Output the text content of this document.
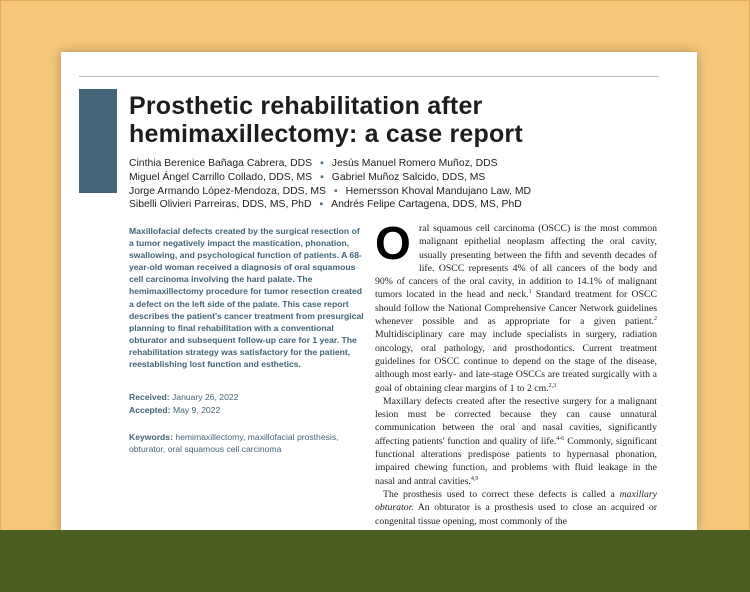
Prosthetic rehabilitation after
hemimaxillectomy: a case report
Cinthia Berenice Bañaga Cabrera, DDS ▪ Jesús Manuel Romero Muñoz, DDS
Miguel Ángel Carrillo Collado, DDS, MS ▪ Gabriel Muñoz Salcido, DDS, MS
Jorge Armando López-Mendoza, DDS, MS ▪ Hemersson Khoval Mandujano Law, MD
Sibelli Olivieri Parreiras, DDS, MS, PhD ▪ Andrés Felipe Cartagena, DDS, MS, PhD
Maxillofacial defects created by the surgical resection of a tumor negatively impact the mastication, phonation, swallowing, and psychological function of patients. A 68-year-old woman received a diagnosis of oral squamous cell carcinoma involving the hard palate. The hemimaxillectomy procedure for tumor resection created a defect on the left side of the palate. This case report describes the patient's cancer treatment from presurgical planning to final rehabilitation with a conventional obturator and subsequent follow-up care for 1 year. The rehabilitation strategy was satisfactory for the patient, reestablishing lost function and esthetics.
Received: January 26, 2022
Accepted: May 9, 2022
Keywords: hemimaxillectomy, maxillofacial prosthesis, obturator, oral squamous cell carcinoma

Oral squamous cell carcinoma (OSCC) is the most common malignant epithelial neoplasm affecting the oral cavity, usually presenting between the fifth and seventh decades of life. OSCC represents 4% of all cancers of the body and 90% of cancers of the oral cavity, in addition to 14.1% of malignant tumors located in the head and neck.$^1$ Standard treatment for OSCC should follow the National Comprehensive Cancer Network guidelines whenever possible and as appropriate for a given patient.$^2$ Multidisciplinary care may include specialists in surgery, radiation oncology, oral pathology, and prosthodontics. Current treatment guidelines for OSCC continue to depend on the stage of the disease, although most early- and late-stage OSCCs are treated surgically with a goal of obtaining clear margins of 1 to 2 cm.$^{2,3}$

Maxillary defects created after the resective surgery for a malignant lesion must be corrected because they can cause unnatural communication between the oral and nasal cavities, significantly affecting patients' function and quality of life.$^{4-6}$ Commonly, significant functional alterations predispose patients to hypernasal phonation, impaired chewing function, and problems with fluid leakage in the nasal and antral cavities.$^{4,9}$

The prosthesis used to correct these defects is called a maxillary obturator. An obturator is a prosthesis used to close an acquired or congenital tissue opening, most commonly of the
